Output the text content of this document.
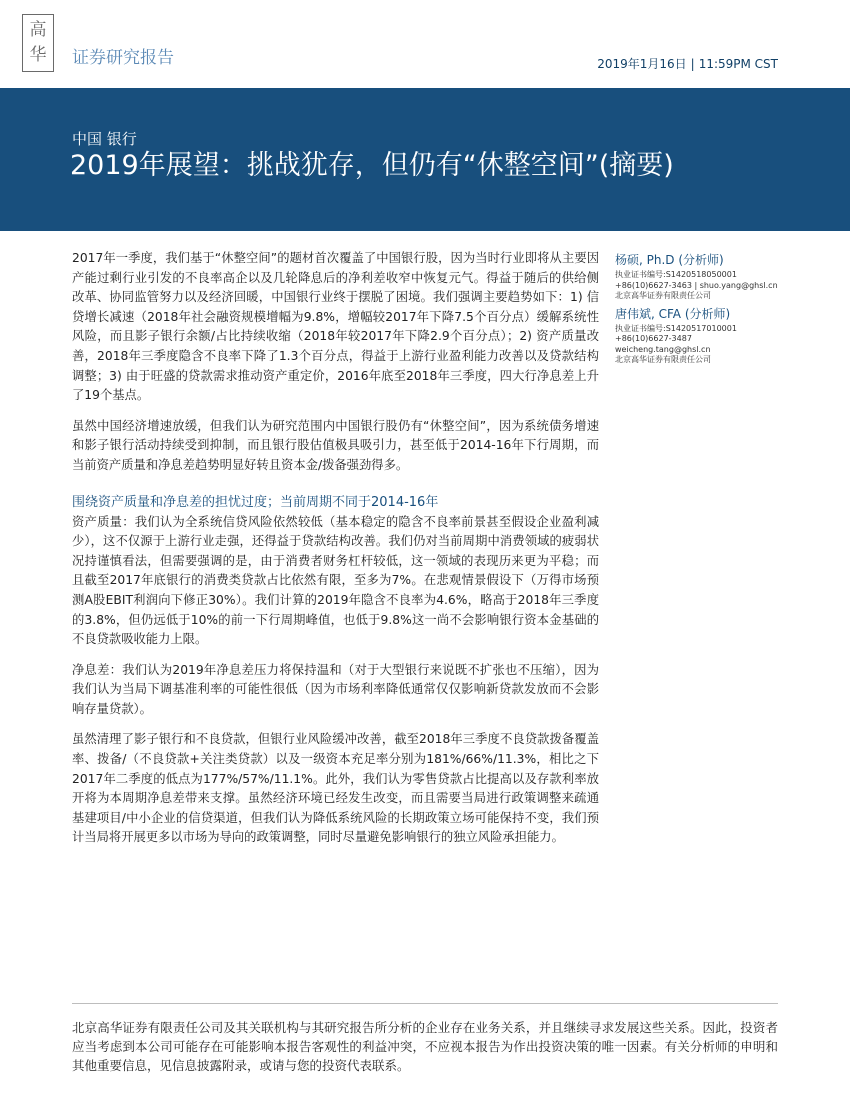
高
华 证券研究报告	2019年1月16日 | 11:59PM CST
中国 银行
2019年展望：挑战犹存，但仍有“休整空间”(摘要)

2017年一季度，我们基于“休整空间”的题材首次覆盖了中国银行股，因为当时行业即将从主要因产能过剩行业引发的不良率高企以及几轮降息后的净利差收窄中恢复元气。得益于随后的供给侧改革、协同监管努力以及经济回暖，中国银行业终于摆脱了困境。我们强调主要趋势如下：1) 信贷增长减速（2018年社会融资规模增幅为9.8%，增幅较2017年下降7.5个百分点）缓解系统性风险，而且影子银行余额/占比持续收缩（2018年较2017年下降2.9个百分点）；2) 资产质量改善，2018年三季度隐含不良率下降了1.3个百分点，得益于上游行业盈利能力改善以及贷款结构调整；3) 由于旺盛的贷款需求推动资产重定价，2016年底至2018年三季度，四大行净息差上升了19个基点。

虽然中国经济增速放缓，但我们认为研究范围内中国银行股仍有“休整空间”，因为系统债务增速和影子银行活动持续受到抑制，而且银行股估值极具吸引力，甚至低于2014-16年下行周期，而当前资产质量和净息差趋势明显好转且资本金/拨备强劲得多。

围绕资产质量和净息差的担忧过度；当前周期不同于2014-16年

资产质量：我们认为全系统信贷风险依然较低（基本稳定的隐含不良率前景甚至假设企业盈利减少），这不仅源于上游行业走强，还得益于贷款结构改善。我们仍对当前周期中消费领域的疲弱状况持谨慎看法，但需要强调的是，由于消费者财务杠杆较低，这一领域的表现历来更为平稳；而且截至2017年底银行的消费类贷款占比依然有限，至多为7%。在悲观情景假设下（万得市场预测A股EBIT利润向下修正30%）。我们计算的2019年隐含不良率为4.6%，略高于2018年三季度的3.8%，但仍远低于10%的前一下行周期峰值，也低于9.8%这一尚不会影响银行资本金基础的不良贷款吸收能力上限。

净息差：我们认为2019年净息差压力将保持温和（对于大型银行来说既不扩张也不压缩），因为我们认为当局下调基准利率的可能性很低（因为市场利率降低通常仅仅影响新贷款发放而不会影响存量贷款）。

虽然清理了影子银行和不良贷款，但银行业风险缓冲改善，截至2018年三季度不良贷款拨备覆盖率、拨备/（不良贷款+关注类贷款）以及一级资本充足率分别为181%/66%/11.3%，相比之下2017年二季度的低点为177%/57%/11.1%。此外，我们认为零售贷款占比提高以及存款利率放开将为本周期净息差带来支撑。虽然经济环境已经发生改变，而且需要当局进行政策调整来疏通基建项目/中小企业的信贷渠道，但我们认为降低系统风险的长期政策立场可能保持不变，我们预计当局将开展更多以市场为导向的政策调整，同时尽量避免影响银行的独立风险承担能力。

杨硕, Ph.D (分析师)
执业证书编号:S1420518050001
+86(10)6627-3463 | shuo.yang@ghsl.cn
北京高华证券有限责任公司
唐伟斌, CFA (分析师)
执业证书编号:S1420517010001
+86(10)6627-3487
weicheng.tang@ghsl.cn
北京高华证券有限责任公司
北京高华证券有限责任公司及其关联机构与其研究报告所分析的企业存在业务关系，并且继续寻求发展这些关系。因此，投资者应当考虑到本公司可能存在可能影响本报告客观性的利益冲突，不应视本报告为作出投资决策的唯一因素。有关分析师的申明和其他重要信息，见信息披露附录，或请与您的投资代表联系。
